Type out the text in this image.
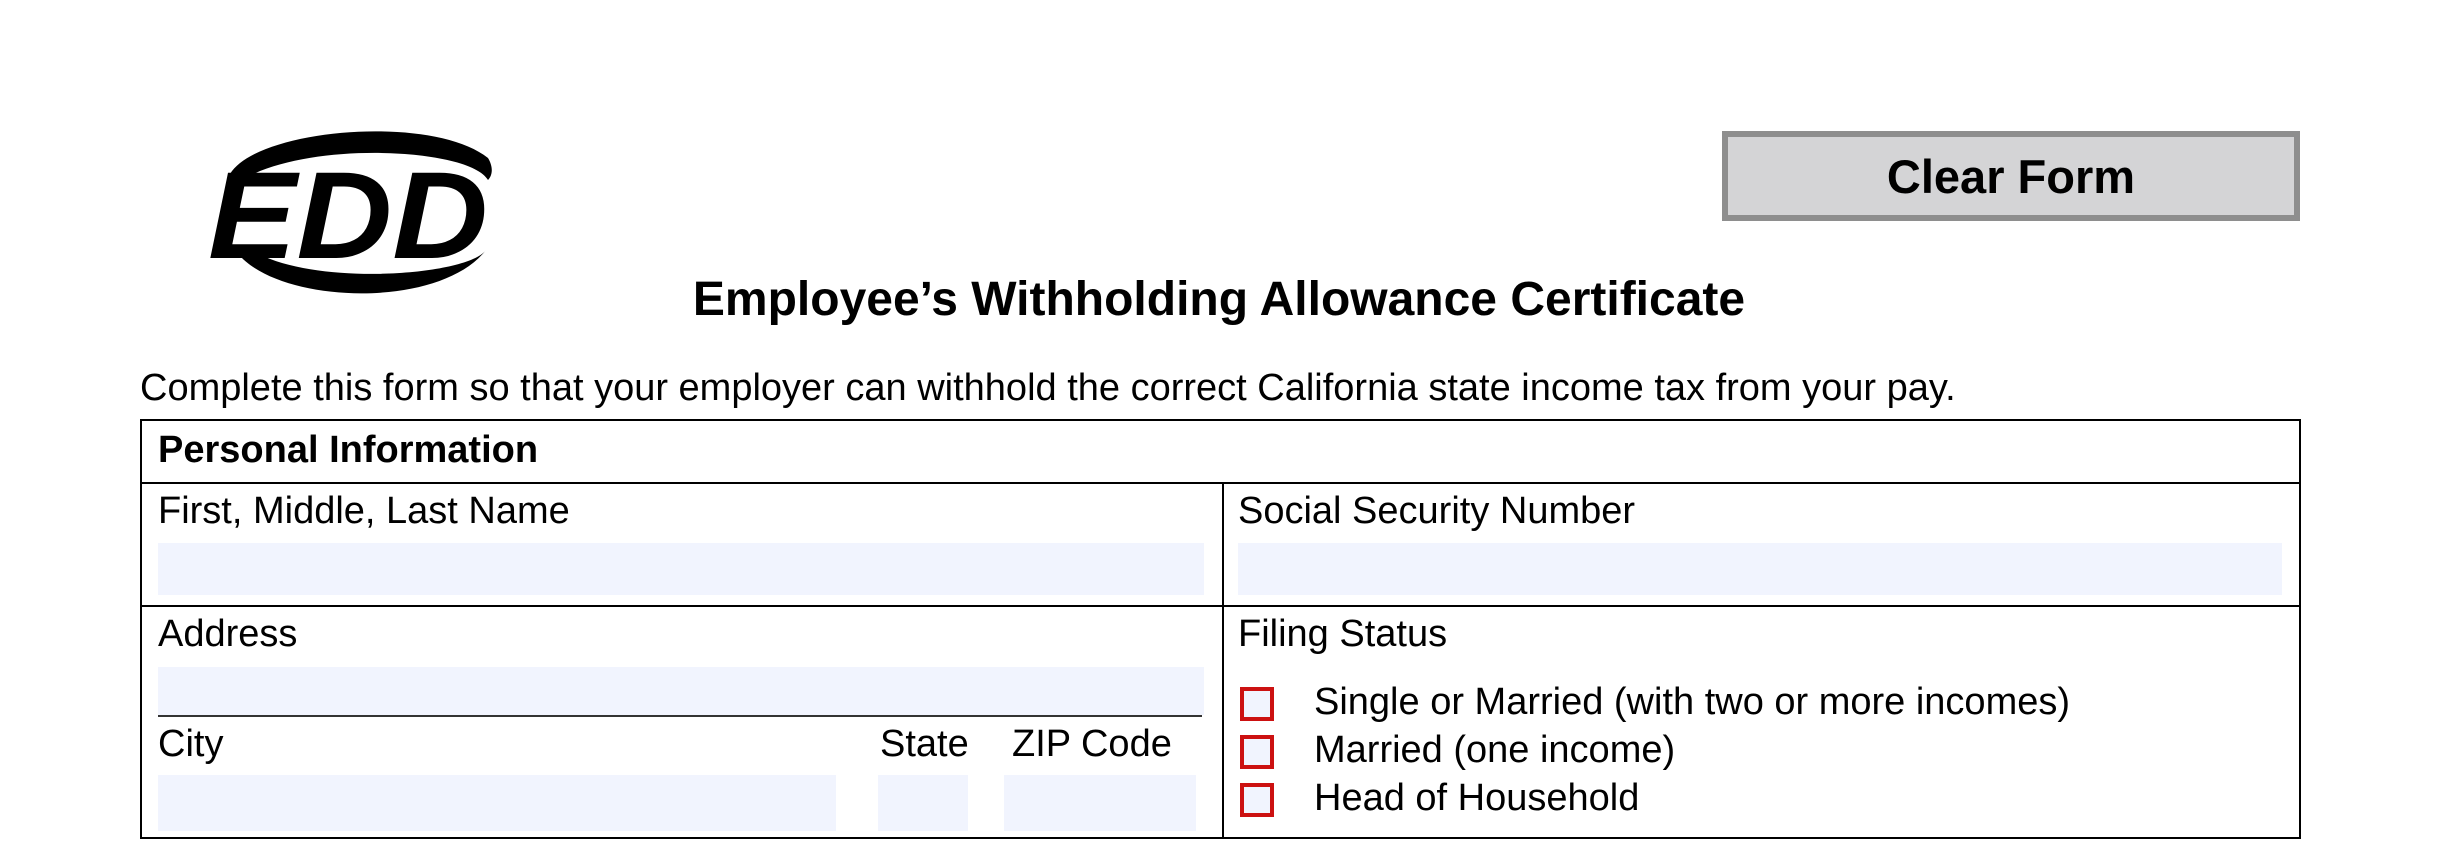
EDD	Clear Form
Employee’s Withholding Allowance Certificate

Complete this form so that your employer can withhold the correct California state income tax from your pay.

Personal Information
First, Middle, Last Name	Social Security Number
Address
City	State ZIP Code
Filing Status
Single or Married (with two or more incomes)
Married (one income)
Head of Household
